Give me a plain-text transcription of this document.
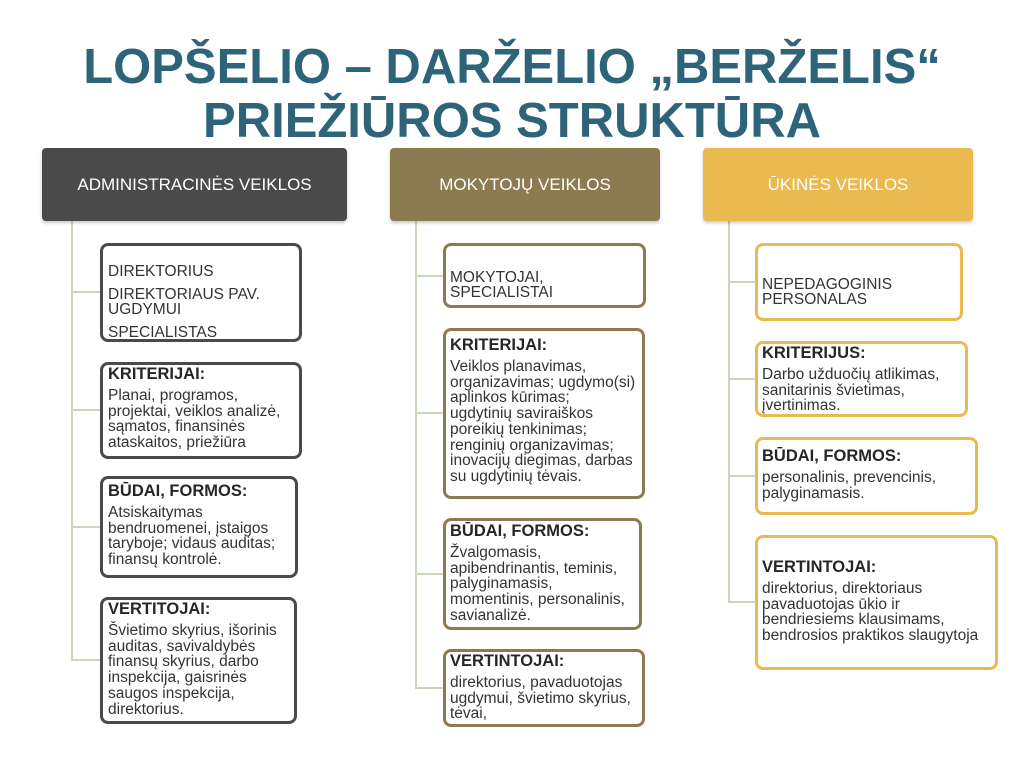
LOPŠELIO – DARŽELIO „BERŽELIS“
PRIEŽIŪROS STRUKTŪRA
ADMINISTRACINĖS VEIKLOS	MOKYTOJŲ VEIKLOS	ŪKINĖS VEIKLOS
DIREKTORIUS
DIREKTORIAUS PAV.
UGDYMUI
SPECIALISTAS
KRITERIJAI:
Planai, programos,
projektai, veiklos analizė,
sąmatos, finansinės
ataskaitos, priežiūra
BŪDAI, FORMOS:
Atsiskaitymas
bendruomenei, įstaigos
taryboje; vidaus auditas;
finansų kontrolė.
VERTITOJAI:
Švietimo skyrius, išorinis
auditas, savivaldybės
finansų skyrius, darbo
inspekcija, gaisrinės
saugos inspekcija,
direktorius.
MOKYTOJAI,
SPECIALISTAI
KRITERIJAI:
Veiklos planavimas,
organizavimas; ugdymo(si)
aplinkos kūrimas;
ugdytinių saviraiškos
poreikių tenkinimas;
renginių organizavimas;
inovacijų diegimas, darbas
su ugdytinių tėvais.
BŪDAI, FORMOS:
Žvalgomasis,
apibendrinantis, teminis,
palyginamasis,
momentinis, personalinis,
savianalizė.
VERTINTOJAI:
direktorius, pavaduotojas
ugdymui, švietimo skyrius,
tėvai,
NEPEDAGOGINIS
PERSONALAS
KRITERIJUS:
Darbo užduočių atlikimas,
sanitarinis švietimas,
įvertinimas.
BŪDAI, FORMOS:
personalinis, prevencinis,
palyginamasis.
VERTINTOJAI:
direktorius, direktoriaus
pavaduotojas ūkio ir
bendriesiems klausimams,
bendrosios praktikos slaugytoja
